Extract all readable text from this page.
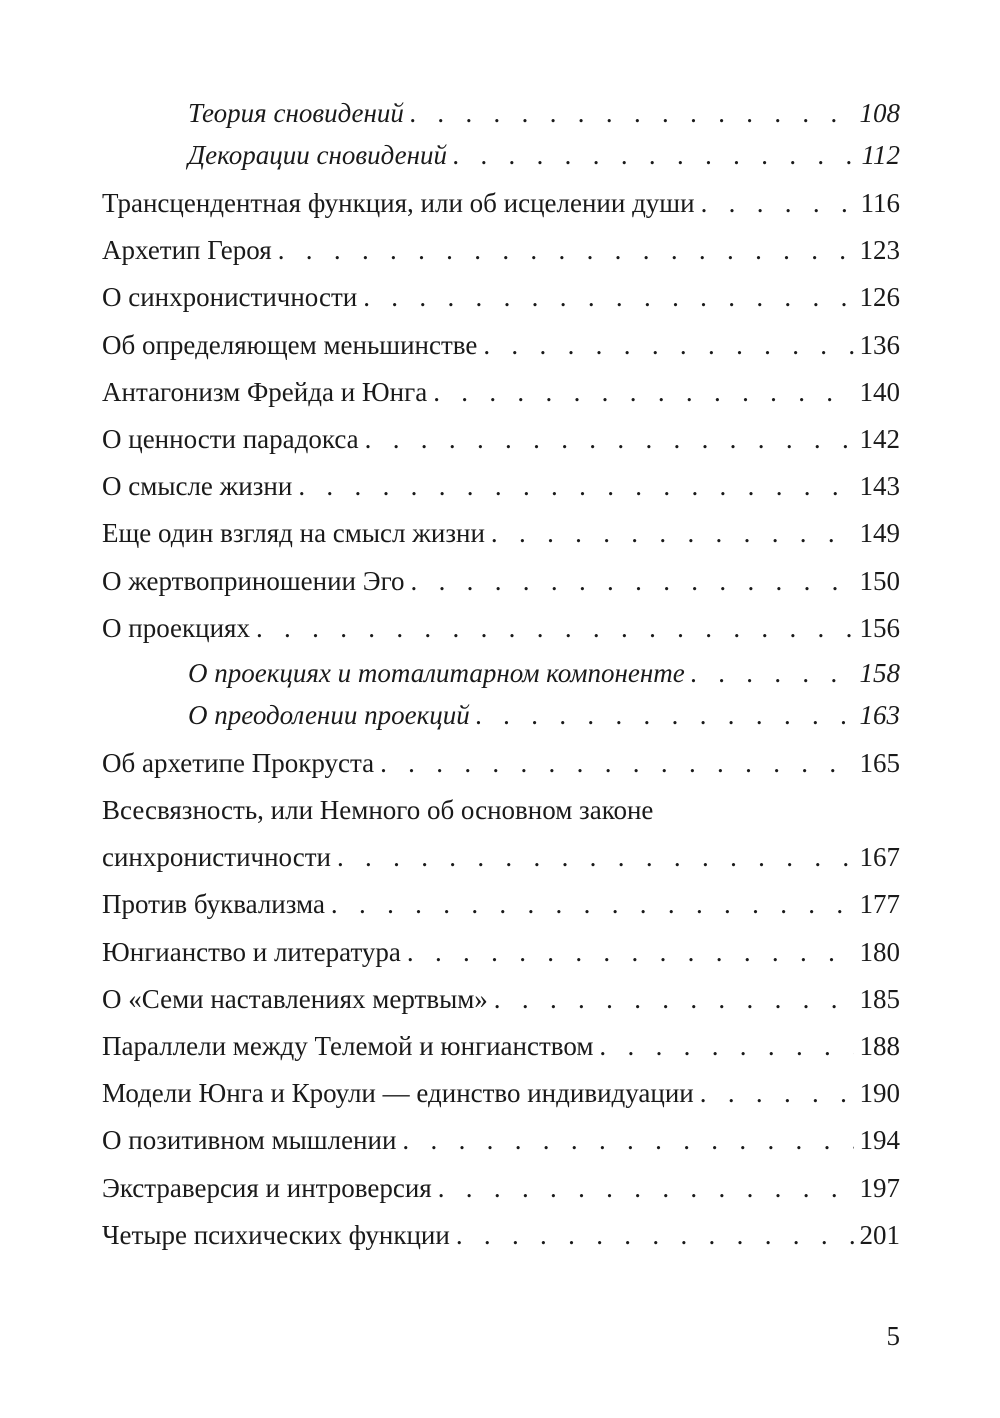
Теория сновидений . . .	108
Декорации сновидений . . .	112
Трансцендентная функция, или об исцелении души . . .	116
Архетип Героя . . .	123
О синхронистичности . . .	126
Об определяющем меньшинстве . . .	136
Антагонизм Фрейда и Юнга . . .	140
О ценности парадокса . . .	142
О смысле жизни . . .	143
Еще один взгляд на смысл жизни . . .	149
О жертвоприношении Эго . . .	150
О проекциях . . .	156
О проекциях и тоталитарном компоненте . . .	158
О преодолении проекций . . .	163
Об архетипе Прокруста . . .	165
Всесвязность, или Немного об основном законе
синхронистичности . . .	167
Против буквализма . . .	177
Юнгианство и литература . . .	180
О «Семи наставлениях мертвым» . . .	185
Параллели между Телемой и юнгианством . . .	188
Модели Юнга и Кроули — единство индивидуации . . .	190
О позитивном мышлении . . .	194
Экстраверсия и интроверсия . . .	197
Четыре психических функции . . .	201
5
